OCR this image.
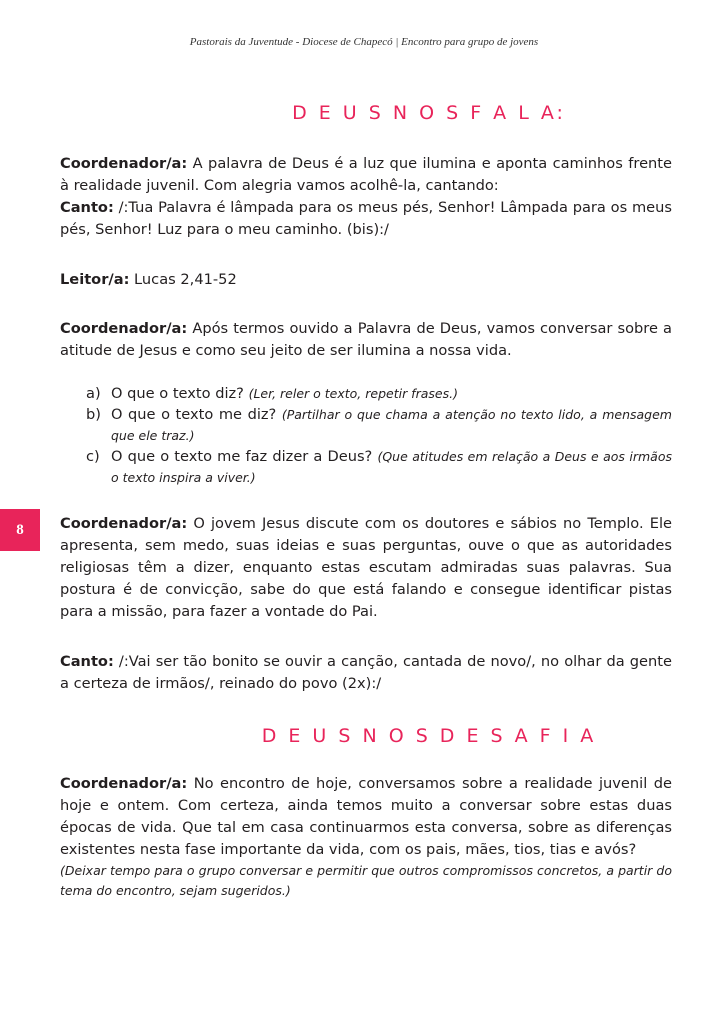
Pastorais da Juventude - Diocese de Chapecó | Encontro para grupo de jovens
8
D E U S N O S F A L A:

Coordenador/a: A palavra de Deus é a luz que ilumina e aponta caminhos frente à realidade juvenil. Com alegria vamos acolhê-la, cantando:

Canto: /:Tua Palavra é lâmpada para os meus pés, Senhor! Lâmpada para os meus pés, Senhor! Luz para o meu caminho. (bis):/

Leitor/a: Lucas 2,41-52

Coordenador/a: Após termos ouvido a Palavra de Deus, vamos conversar sobre a atitude de Jesus e como seu jeito de ser ilumina a nossa vida.

a) O que o texto diz? (Ler, reler o texto, repetir frases.)
b) O que o texto me diz? (Partilhar o que chama a atenção no texto lido, a mensagem que ele traz.)
c) O que o texto me faz dizer a Deus? (Que atitudes em relação a Deus e aos irmãos o texto inspira a viver.)

Coordenador/a: O jovem Jesus discute com os doutores e sábios no Templo. Ele apresenta, sem medo, suas ideias e suas perguntas, ouve o que as autoridades religiosas têm a dizer, enquanto estas escutam admiradas suas palavras. Sua postura é de convicção, sabe do que está falando e consegue identificar pistas para a missão, para fazer a vontade do Pai.

Canto: /:Vai ser tão bonito se ouvir a canção, cantada de novo/, no olhar da gente a certeza de irmãos/, reinado do povo (2x):/

D E U S N O S D E S A F I A

Coordenador/a: No encontro de hoje, conversamos sobre a realidade juvenil de hoje e ontem. Com certeza, ainda temos muito a conversar sobre estas duas épocas de vida. Que tal em casa continuarmos esta conversa, sobre as diferenças existentes nesta fase importante da vida, com os pais, mães, tios, tias e avós?

(Deixar tempo para o grupo conversar e permitir que outros compromissos concretos, a partir do tema do encontro, sejam sugeridos.)
